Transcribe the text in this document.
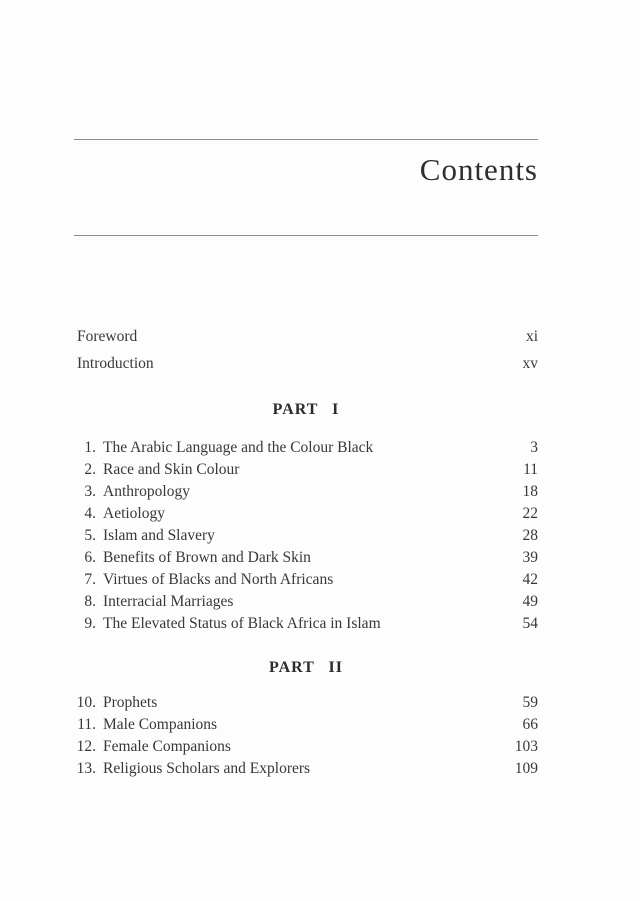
Contents
Foreword	xi
Introduction	xv
PART I
1. The Arabic Language and the Colour Black	3
2. Race and Skin Colour	11
3. Anthropology	18
4. Aetiology	22
5. Islam and Slavery	28
6. Benefits of Brown and Dark Skin	39
7. Virtues of Blacks and North Africans	42
8. Interracial Marriages	49
9. The Elevated Status of Black Africa in Islam	54
PART II
10. Prophets	59
11. Male Companions	66
12. Female Companions	103
13. Religious Scholars and Explorers	109
